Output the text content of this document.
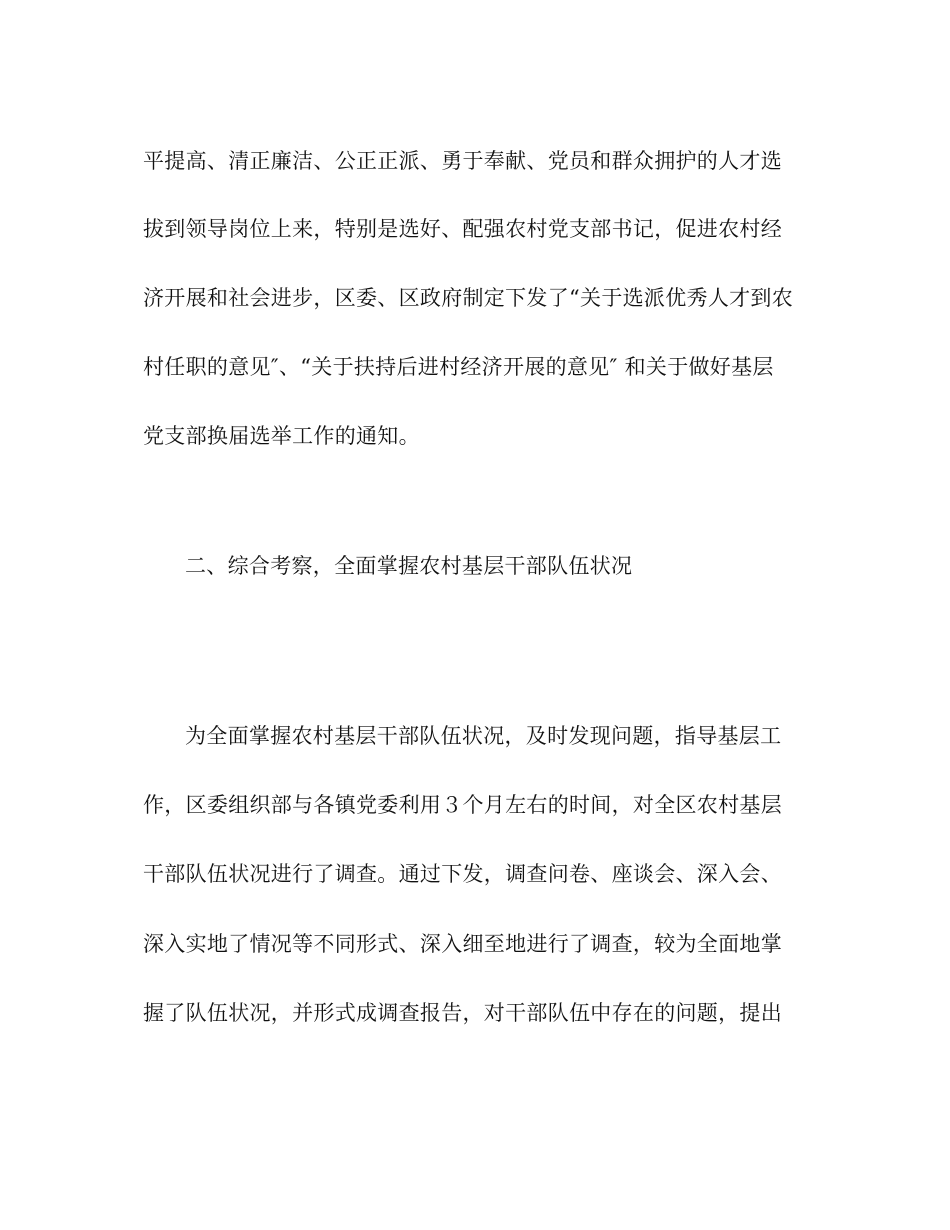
平提高、清正廉洁、公正正派、勇于奉献、党员和群众拥护的人才选
拔到领导岗位上来，特别是选好、配强农村党支部书记，促进农村经
济开展和社会进步，区委、区政府制定下发了“关于选派优秀人才到农
村任职的意见″、“关于扶持后进村经济开展的意见″ 和关于做好基层
党支部换届选举工作的通知。
二、综合考察，全面掌握农村基层干部队伍状况
为全面掌握农村基层干部队伍状况，及时发现问题，指导基层工
作，区委组织部与各镇党委利用３个月左右的时间，对全区农村基层
干部队伍状况进行了调查。通过下发，调查问卷、座谈会、深入会、
深入实地了情况等不同形式、深入细至地进行了调查，较为全面地掌
握了队伍状况，并形式成调查报告，对干部队伍中存在的问题，提出
